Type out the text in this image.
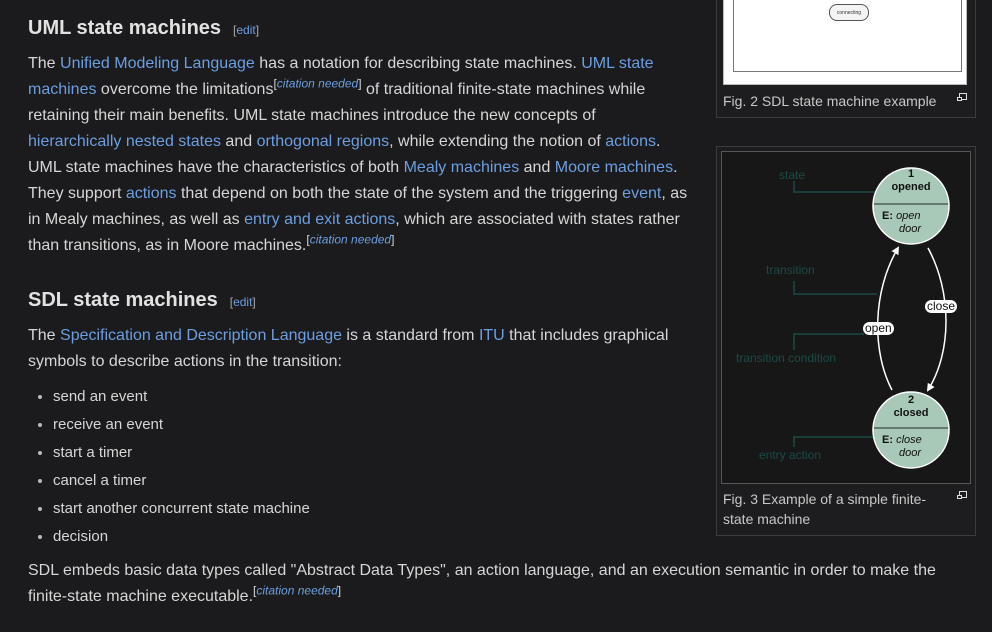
UML state machines [edit]

The Unified Modeling Language has a notation for describing state machines. UML state machines overcome the limitations[citation needed] of traditional finite-state machines while retaining their main benefits. UML state machines introduce the new concepts of hierarchically nested states and orthogonal regions, while extending the notion of actions. UML state machines have the characteristics of both Mealy machines and Moore machines. They support actions that depend on both the state of the system and the triggering event, as in Mealy machines, as well as entry and exit actions, which are associated with states rather than transitions, as in Moore machines.[citation needed]

SDL state machines [edit]

The Specification and Description Language is a standard from ITU that includes graphical symbols to describe actions in the transition:

• send an event
• receive an event
• start a timer
• cancel a timer
• start another concurrent state machine
• decision

SDL embeds basic data types called "Abstract Data Types", an action language, and an execution semantic in order to make the finite-state machine executable.[citation needed]

connecting
Fig. 2 SDL state machine example
state
transition
transition condition
entry action
1
opened
E: open
door
2
closed
E: close
door
open
close
Fig. 3 Example of a simple finite-state machine
